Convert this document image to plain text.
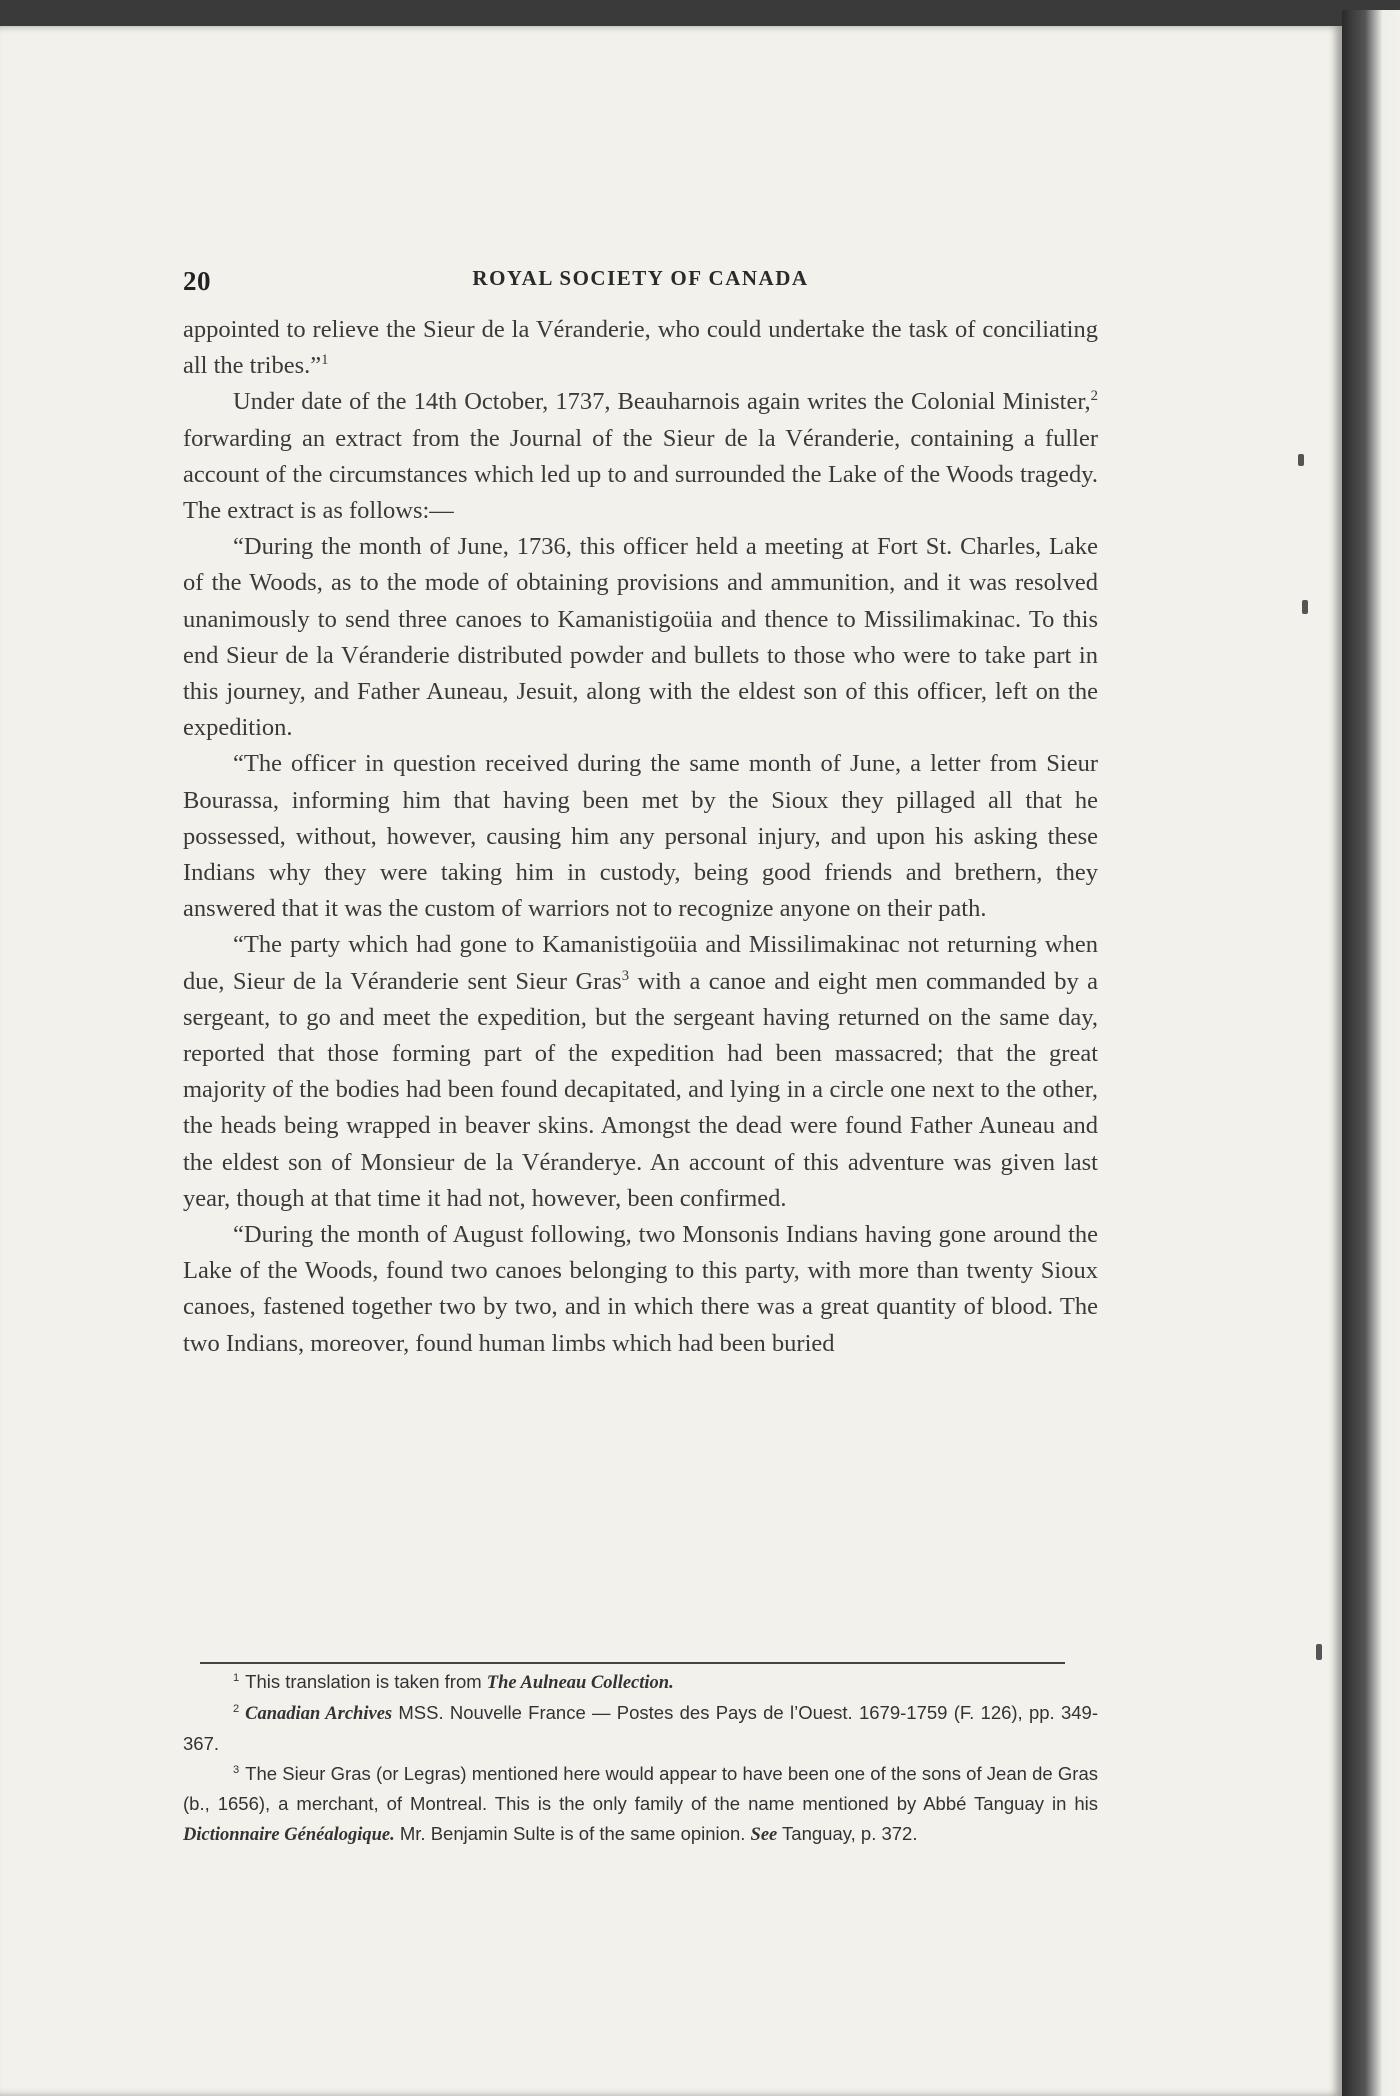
20	ROYAL SOCIETY OF CANADA

appointed to relieve the Sieur de la Véranderie, who could undertake the task of conciliating all the tribes.”$^1$

Under date of the 14th October, 1737, Beauharnois again writes the Colonial Minister,$^2$ forwarding an extract from the Journal of the Sieur de la Véranderie, containing a fuller account of the circumstances which led up to and surrounded the Lake of the Woods tragedy. The extract is as follows:—

“During the month of June, 1736, this officer held a meeting at Fort St. Charles, Lake of the Woods, as to the mode of obtaining provisions and ammunition, and it was resolved unanimously to send three canoes to Kamanistigoüia and thence to Missilimakinac. To this end Sieur de la Véranderie distributed powder and bullets to those who were to take part in this journey, and Father Auneau, Jesuit, along with the eldest son of this officer, left on the expedition.

“The officer in question received during the same month of June, a letter from Sieur Bourassa, informing him that having been met by the Sioux they pillaged all that he possessed, without, however, causing him any personal injury, and upon his asking these Indians why they were taking him in custody, being good friends and brethern, they answered that it was the custom of warriors not to recognize anyone on their path.

“The party which had gone to Kamanistigoüia and Missilimakinac not returning when due, Sieur de la Véranderie sent Sieur Gras$^3$ with a canoe and eight men commanded by a sergeant, to go and meet the expedition, but the sergeant having returned on the same day, reported that those forming part of the expedition had been massacred; that the great majority of the bodies had been found decapitated, and lying in a circle one next to the other, the heads being wrapped in beaver skins. Amongst the dead were found Father Auneau and the eldest son of Monsieur de la Véranderye. An account of this adventure was given last year, though at that time it had not, however, been confirmed.

“During the month of August following, two Monsonis Indians having gone around the Lake of the Woods, found two canoes belonging to this party, with more than twenty Sioux canoes, fastened together two by two, and in which there was a great quantity of blood. The two Indians, moreover, found human limbs which had been buried

$^1$ This translation is taken from The Aulneau Collection.

$^2$ Canadian Archives MSS. Nouvelle France — Postes des Pays de l’Ouest. 1679-1759 (F. 126), pp. 349-367.

$^3$ The Sieur Gras (or Legras) mentioned here would appear to have been one of the sons of Jean de Gras (b., 1656), a merchant, of Montreal. This is the only family of the name mentioned by Abbé Tanguay in his Dictionnaire Généalogique. Mr. Benjamin Sulte is of the same opinion. See Tanguay, p. 372.
